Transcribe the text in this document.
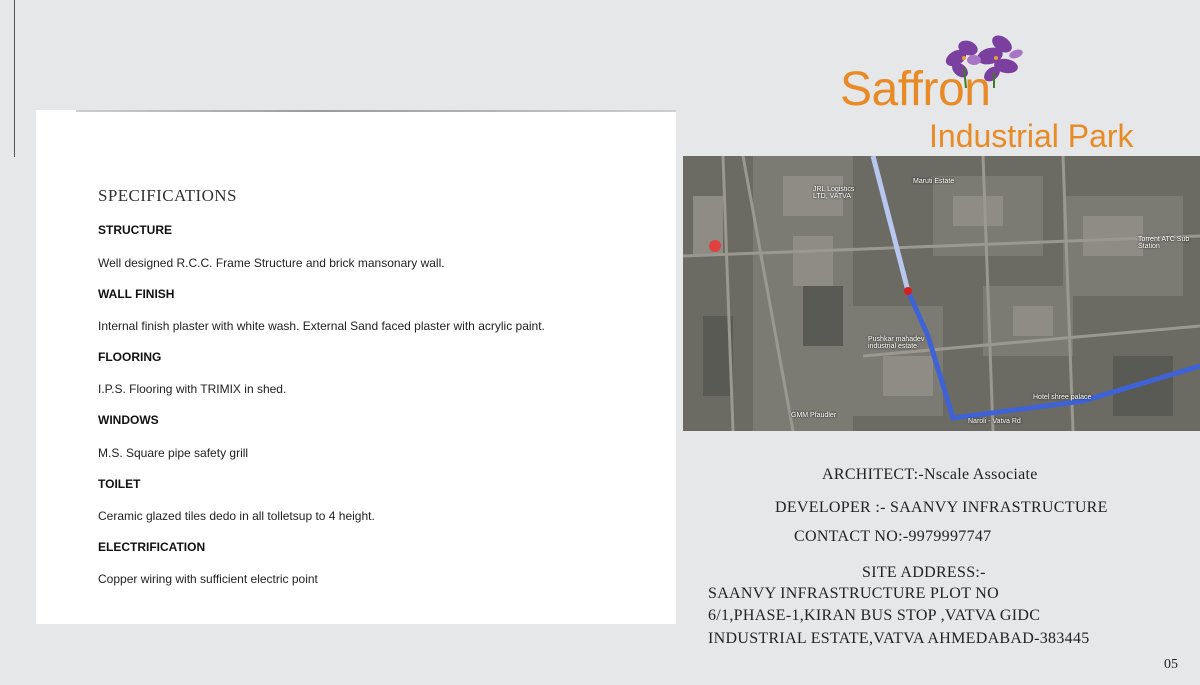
SPECIFICATIONS
STRUCTURE
Well designed R.C.C. Frame Structure and brick mansonary wall.
WALL FINISH
Internal finish plaster with white wash. External Sand faced plaster with acrylic paint.
FLOORING
I.P.S. Flooring with TRIMIX in shed.
WINDOWS
M.S. Square pipe safety grill
TOILET
Ceramic glazed tiles dedo in all tolletsup to 4 height.
ELECTRIFICATION
Copper wiring with sufficient electric point
Saffron
Industrial Park
Maruti Estate
JRL Logistics LTD, VATVA
Pushkar mahadev industrial estate
Hotel shree palace
GMM Pfaudler
Torrent ATC Sub Station
Naroli - Vatva Rd
ARCHITECT:-Nscale Associate
DEVELOPER :- SAANVY INFRASTRUCTURE
CONTACT NO:-9979997747
SITE ADDRESS:-
SAANVY INFRASTRUCTURE PLOT NO
6/1,PHASE-1,KIRAN BUS STOP ,VATVA GIDC
INDUSTRIAL ESTATE,VATVA AHMEDABAD-383445
05
